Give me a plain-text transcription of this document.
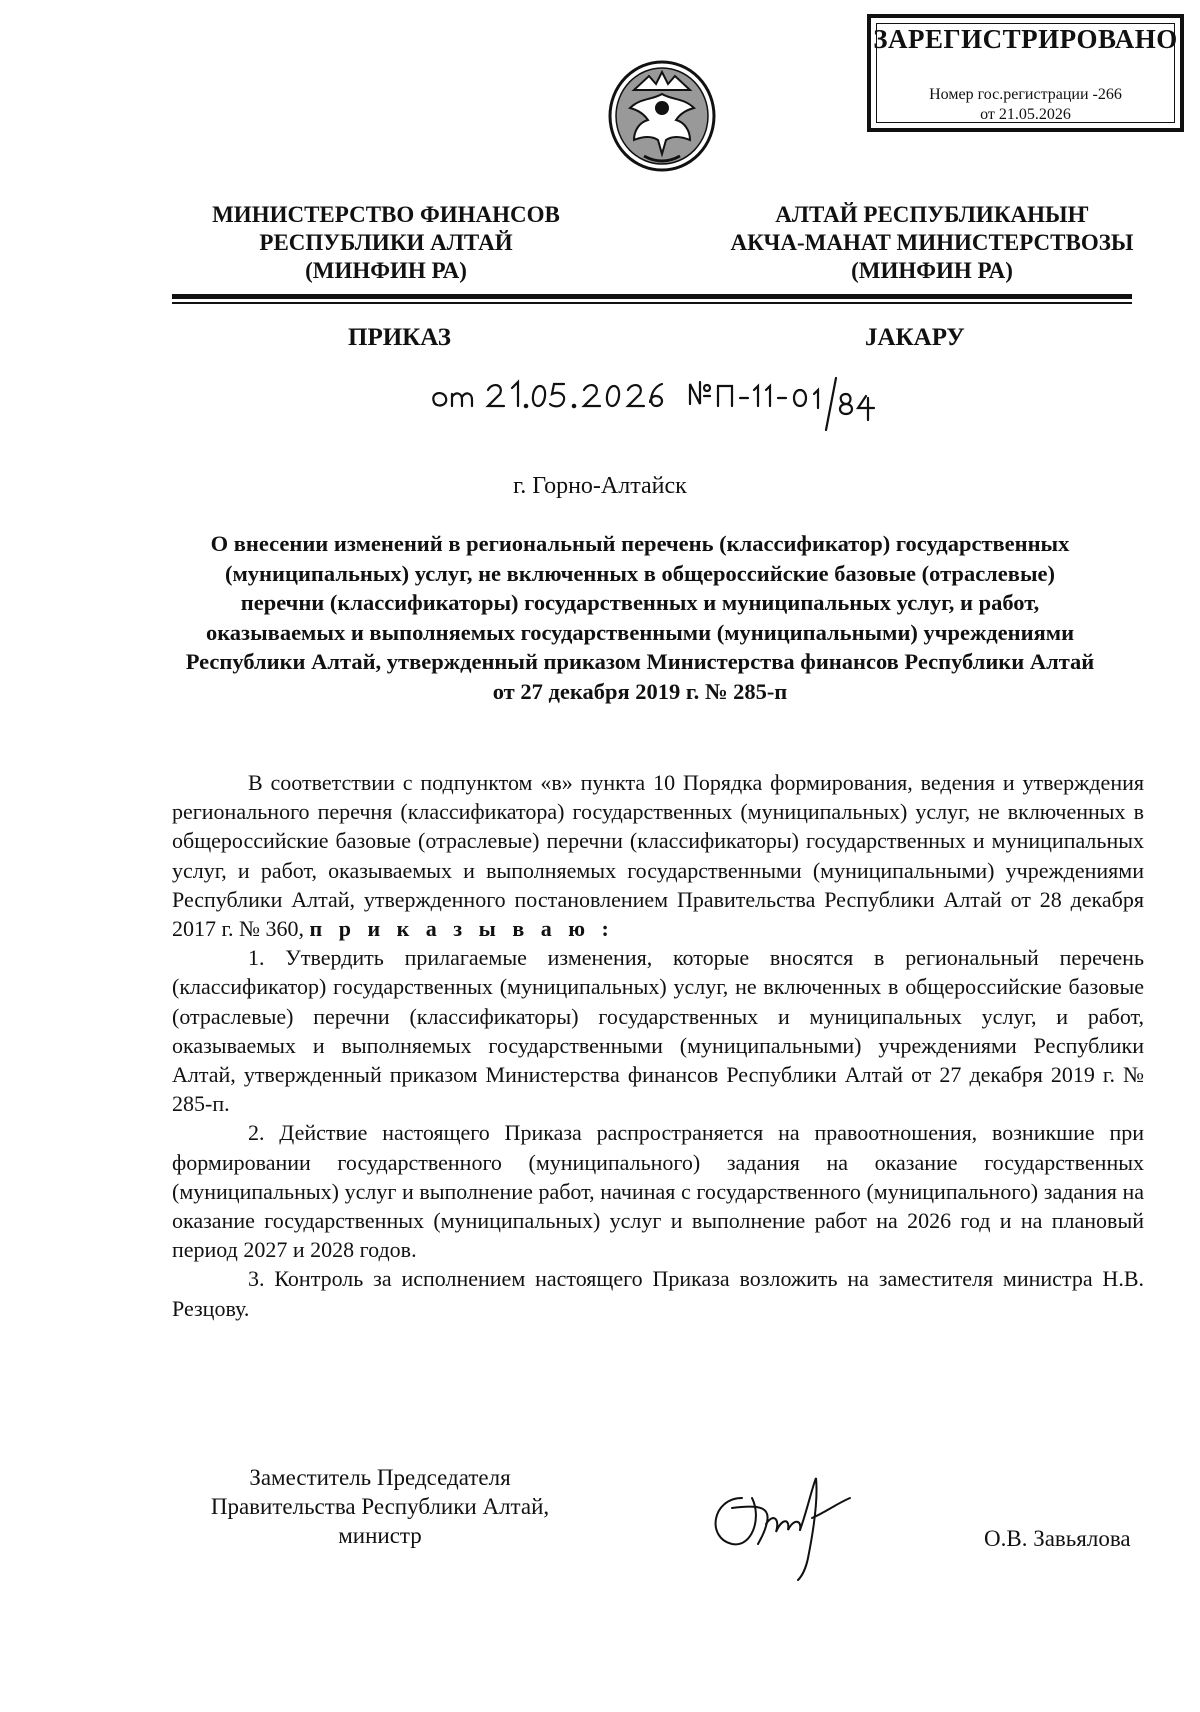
ЗАРЕГИСТРИРОВАНО
Номер гос.регистрации -266
от 21.05.2026
МИНИСТЕРСТВО ФИНАНСОВ
РЕСПУБЛИКИ АЛТАЙ
(МИНФИН РА)
АЛТАЙ РЕСПУБЛИКАНЫҤ
АКЧА-МАНАТ МИНИСТЕРСТВОЗЫ
(МИНФИН РА)
ПРИКАЗ	ЈАКАРУ
г. Горно-Алтайск
О внесении изменений в региональный перечень (классификатор) государственных
(муниципальных) услуг, не включенных в общероссийские базовые (отраслевые)
перечни (классификаторы) государственных и муниципальных услуг, и работ,
оказываемых и выполняемых государственными (муниципальными) учреждениями
Республики Алтай, утвержденный приказом Министерства финансов Республики Алтай
от 27 декабря 2019 г. № 285-п

В соответствии с подпунктом «в» пункта 10 Порядка формирования, ведения и утверждения регионального перечня (классификатора) государственных (муниципальных) услуг, не включенных в общероссийские базовые (отраслевые) перечни (классификаторы) государственных и муниципальных услуг, и работ, оказываемых и выполняемых государственными (муниципальными) учреждениями Республики Алтай, утвержденного постановлением Правительства Республики Алтай от 28 декабря 2017 г. № 360, п р и к а з ы в а ю :

1. Утвердить прилагаемые изменения, которые вносятся в региональный перечень (классификатор) государственных (муниципальных) услуг, не включенных в общероссийские базовые (отраслевые) перечни (классификаторы) государственных и муниципальных услуг, и работ, оказываемых и выполняемых государственными (муниципальными) учреждениями Республики Алтай, утвержденный приказом Министерства финансов Республики Алтай от 27 декабря 2019 г. № 285-п.

2. Действие настоящего Приказа распространяется на правоотношения, возникшие при формировании государственного (муниципального) задания на оказание государственных (муниципальных) услуг и выполнение работ, начиная с государственного (муниципального) задания на оказание государственных (муниципальных) услуг и выполнение работ на 2026 год и на плановый период 2027 и 2028 годов.

3. Контроль за исполнением настоящего Приказа возложить на заместителя министра Н.В. Резцову.

Заместитель Председателя
Правительства Республики Алтай,
министр	О.В. Завьялова
